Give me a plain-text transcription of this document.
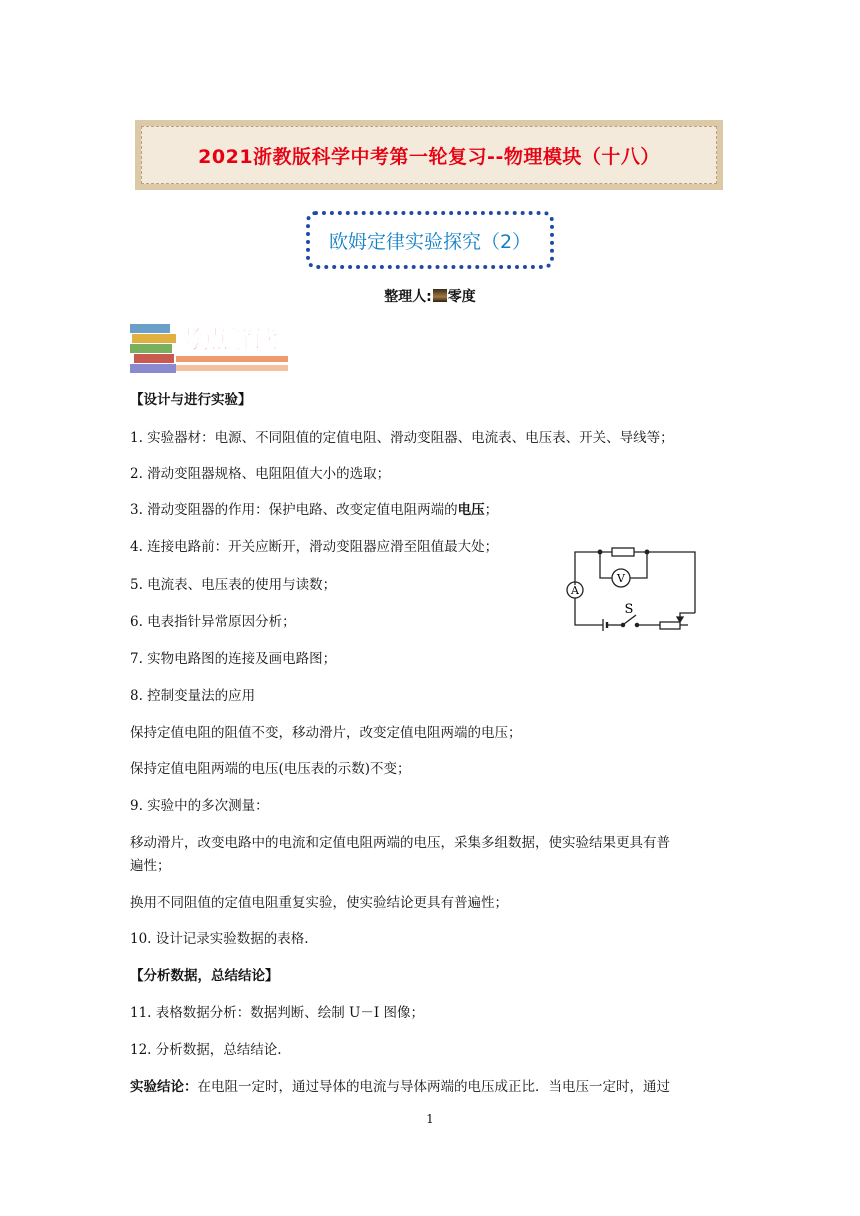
2021浙教版科学中考第一轮复习--物理模块（十八）
欧姆定律实验探究（2）
整理人: 零度
考点解读
【设计与进行实验】
1. 实验器材：电源、不同阻值的定值电阻、滑动变阻器、电流表、电压表、开关、导线等；
2. 滑动变阻器规格、电阻阻值大小的选取；
3. 滑动变阻器的作用：保护电路、改变定值电阻两端的电压；
4. 连接电路前：开关应断开，滑动变阻器应滑至阻值最大处；
5. 电流表、电压表的使用与读数；
6. 电表指针异常原因分析；
7. 实物电路图的连接及画电路图；
8. 控制变量法的应用
保持定值电阻的阻值不变，移动滑片，改变定值电阻两端的电压；
保持定值电阻两端的电压(电压表的示数)不变；
9. 实验中的多次测量：
移动滑片，改变电路中的电流和定值电阻两端的电压，采集多组数据，使实验结果更具有普
遍性；
换用不同阻值的定值电阻重复实验，使实验结论更具有普遍性；
10. 设计记录实验数据的表格.
【分析数据，总结结论】
11. 表格数据分析：数据判断、绘制 U－I 图像；
12. 分析数据，总结结论.
实验结论：在电阻一定时，通过导体的电流与导体两端的电压成正比．当电压一定时，通过
A
V
S
1
